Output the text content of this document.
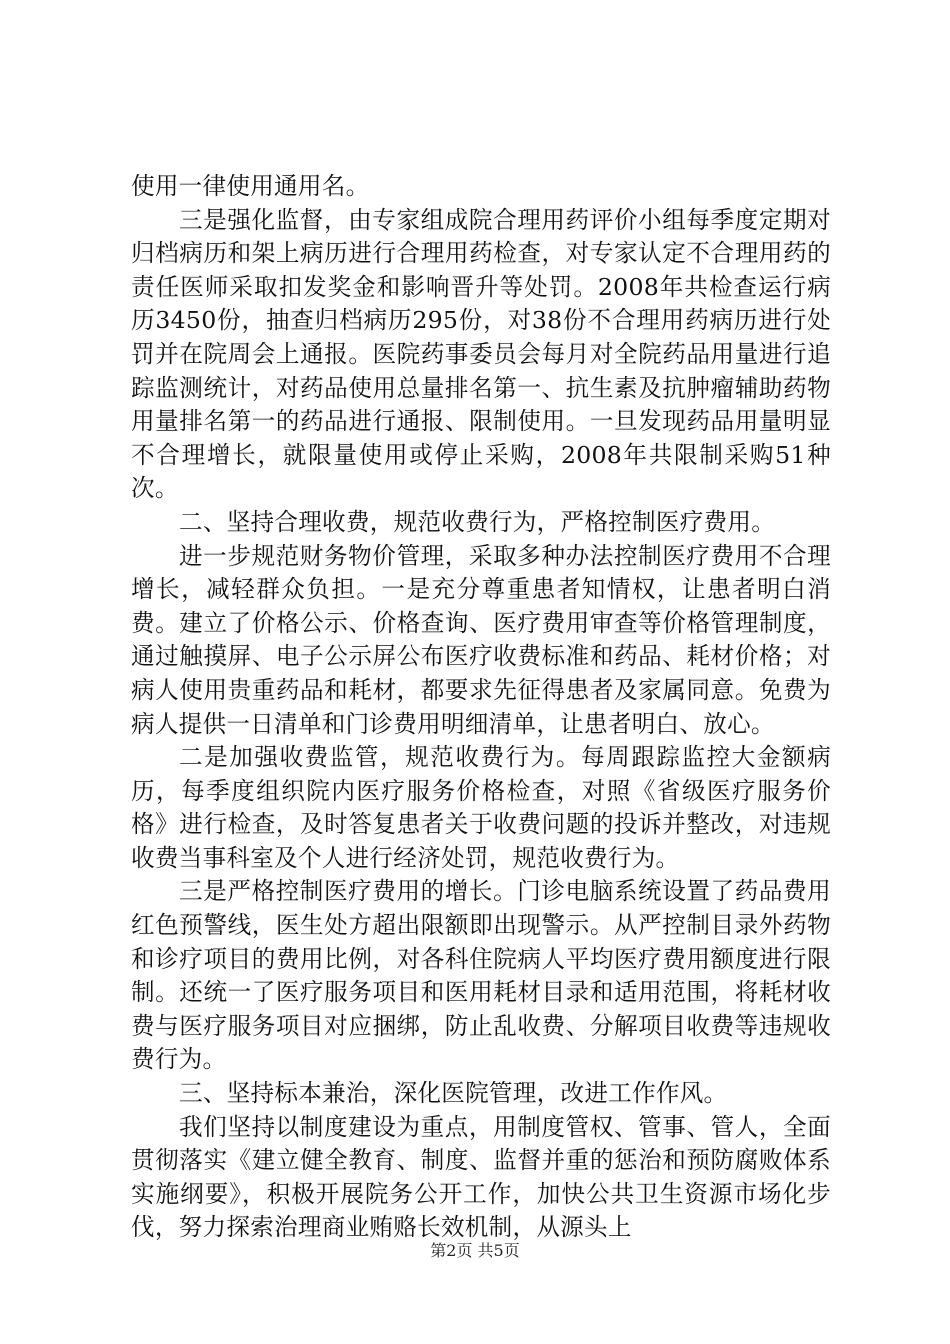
使用一律使用通用名。

三是强化监督，由专家组成院合理用药评价小组每季度定期对归档病历和架上病历进行合理用药检查，对专家认定不合理用药的责任医师采取扣发奖金和影响晋升等处罚。2008年共检查运行病历3450份，抽查归档病历295份，对38份不合理用药病历进行处罚并在院周会上通报。医院药事委员会每月对全院药品用量进行追踪监测统计，对药品使用总量排名第一、抗生素及抗肿瘤辅助药物用量排名第一的药品进行通报、限制使用。一旦发现药品用量明显不合理增长，就限量使用或停止采购，2008年共限制采购51种次。

二、坚持合理收费，规范收费行为，严格控制医疗费用。

进一步规范财务物价管理，采取多种办法控制医疗费用不合理增长，减轻群众负担。一是充分尊重患者知情权，让患者明白消费。建立了价格公示、价格查询、医疗费用审查等价格管理制度，通过触摸屏、电子公示屏公布医疗收费标准和药品、耗材价格；对病人使用贵重药品和耗材，都要求先征得患者及家属同意。免费为病人提供一日清单和门诊费用明细清单，让患者明白、放心。

二是加强收费监管，规范收费行为。每周跟踪监控大金额病历，每季度组织院内医疗服务价格检查，对照《省级医疗服务价格》进行检查，及时答复患者关于收费问题的投诉并整改，对违规收费当事科室及个人进行经济处罚，规范收费行为。

三是严格控制医疗费用的增长。门诊电脑系统设置了药品费用红色预警线，医生处方超出限额即出现警示。从严控制目录外药物和诊疗项目的费用比例，对各科住院病人平均医疗费用额度进行限制。还统一了医疗服务项目和医用耗材目录和适用范围，将耗材收费与医疗服务项目对应捆绑，防止乱收费、分解项目收费等违规收费行为。

三、坚持标本兼治，深化医院管理，改进工作作风。

我们坚持以制度建设为重点，用制度管权、管事、管人，全面贯彻落实《建立健全教育、制度、监督并重的惩治和预防腐败体系实施纲要》，积极开展院务公开工作，加快公共卫生资源市场化步伐，努力探索治理商业贿赂长效机制，从源头上

第2页 共5页
